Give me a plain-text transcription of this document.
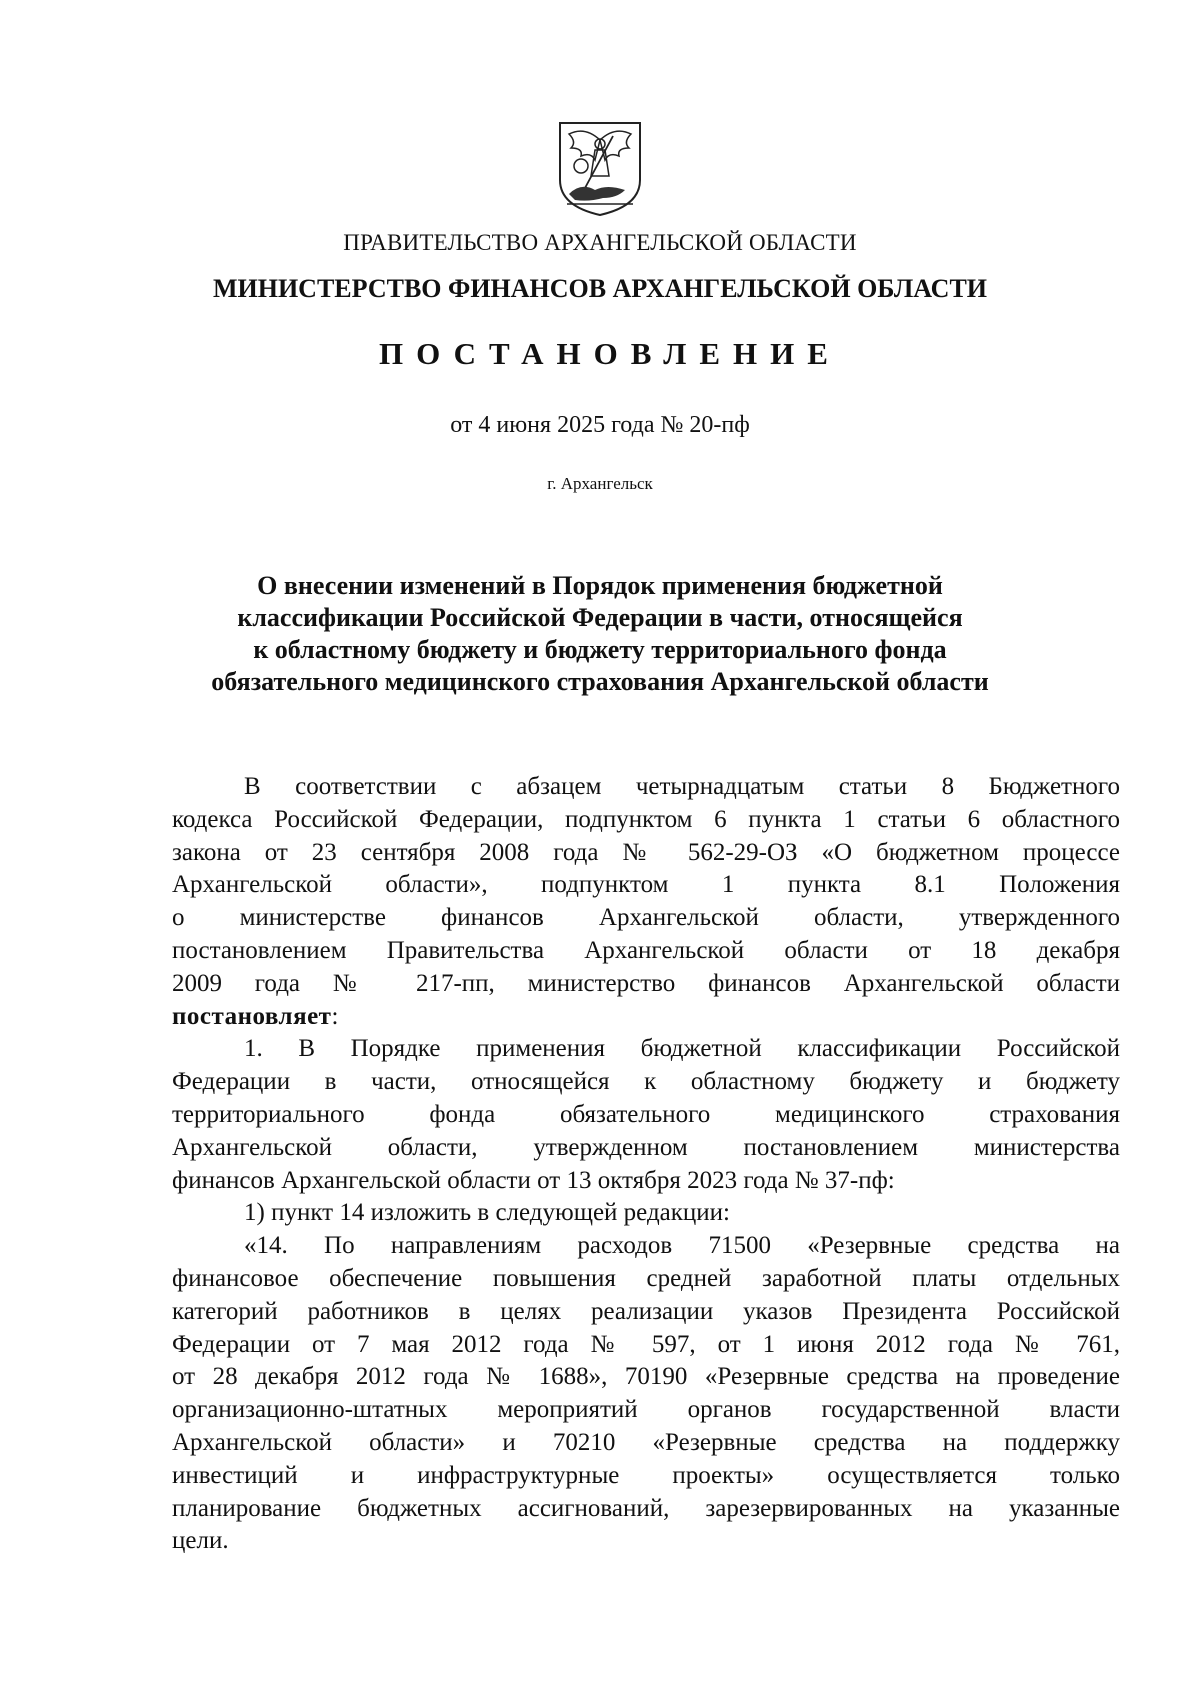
ПРАВИТЕЛЬСТВО АРХАНГЕЛЬСКОЙ ОБЛАСТИ
МИНИСТЕРСТВО ФИНАНСОВ АРХАНГЕЛЬСКОЙ ОБЛАСТИ
ПОСТАНОВЛЕНИЕ
от 4 июня 2025 года № 20-пф
г. Архангельск
О внесении изменений в Порядок применения бюджетной
классификации Российской Федерации в части, относящейся
к областному бюджету и бюджету территориального фонда
обязательного медицинского страхования Архангельской области
В соответствии с абзацем четырнадцатым статьи 8 Бюджетного
кодекса Российской Федерации, подпунктом 6 пункта 1 статьи 6 областного
закона от 23 сентября 2008 года № 562-29-ОЗ «О бюджетном процессе
Архангельской области», подпунктом 1 пункта 8.1 Положения
о министерстве финансов Архангельской области, утвержденного
постановлением Правительства Архангельской области от 18 декабря
2009 года № 217-пп, министерство финансов Архангельской области
постановляет:
1. В Порядке применения бюджетной классификации Российской
Федерации в части, относящейся к областному бюджету и бюджету
территориального фонда обязательного медицинского страхования
Архангельской области, утвержденном постановлением министерства
финансов Архангельской области от 13 октября 2023 года № 37-пф:
1) пункт 14 изложить в следующей редакции:
«14. По направлениям расходов 71500 «Резервные средства на
финансовое обеспечение повышения средней заработной платы отдельных
категорий работников в целях реализации указов Президента Российской
Федерации от 7 мая 2012 года № 597, от 1 июня 2012 года № 761,
от 28 декабря 2012 года № 1688», 70190 «Резервные средства на проведение
организационно-штатных мероприятий органов государственной власти
Архангельской области» и 70210 «Резервные средства на поддержку
инвестиций и инфраструктурные проекты» осуществляется только
планирование бюджетных ассигнований, зарезервированных на указанные
цели.
